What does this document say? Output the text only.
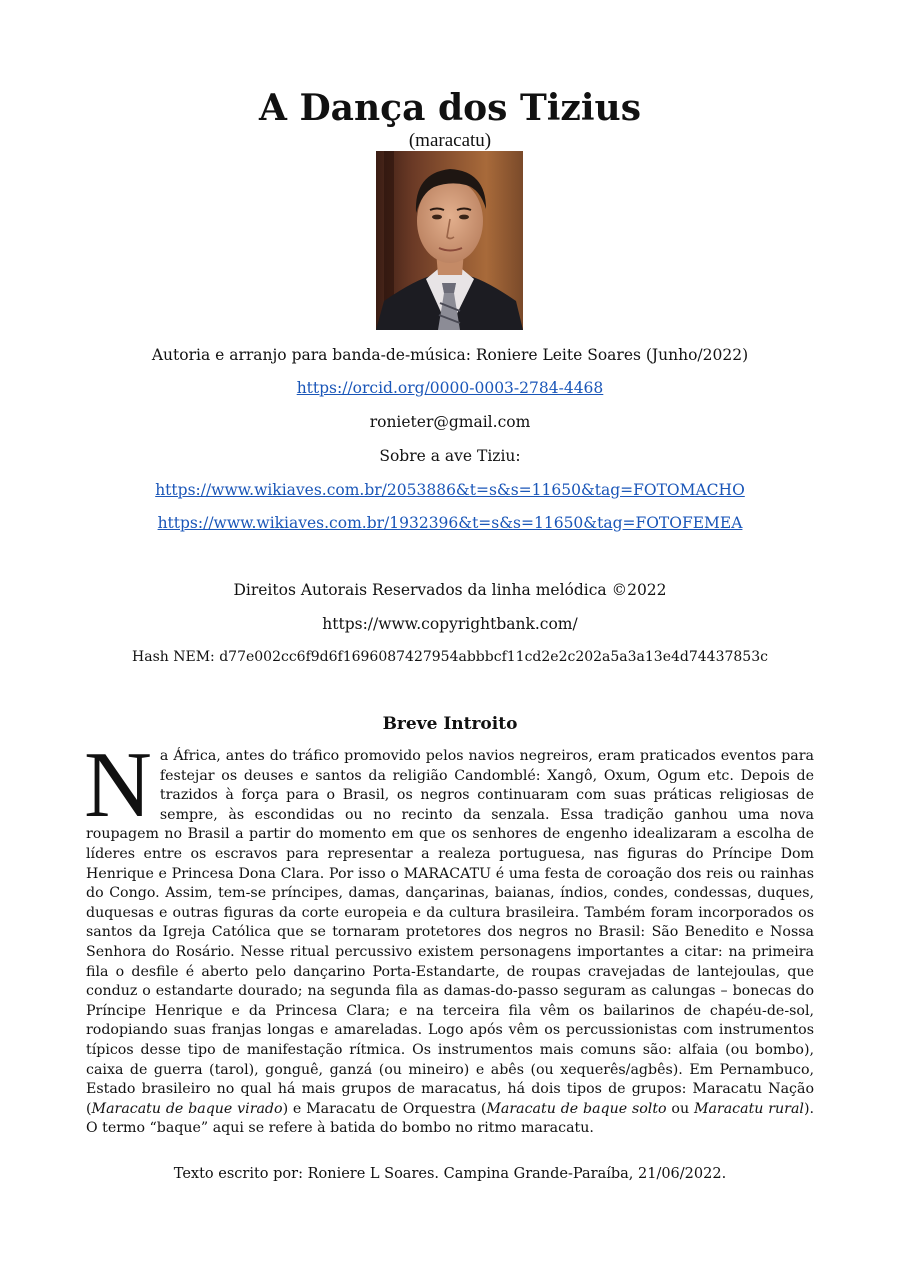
A Dança dos Tizius
(maracatu)
Autoria e arranjo para banda-de-música: Roniere Leite Soares (Junho/2022)
https://orcid.org/0000-0003-2784-4468
ronieter@gmail.com
Sobre a ave Tiziu:
https://www.wikiaves.com.br/2053886&t=s&s=11650&tag=FOTOMACHO
https://www.wikiaves.com.br/1932396&t=s&s=11650&tag=FOTOFEMEA
Direitos Autorais Reservados da linha melódica ©2022
https://www.copyrightbank.com/
Hash NEM: d77e002cc6f9d6f1696087427954abbbcf11cd2e2c202a5a3a13e4d74437853c
Breve Introito
Na África, antes do tráfico promovido pelos navios negreiros, eram praticados eventos para festejar os deuses e santos da religião Candomblé: Xangô, Oxum, Ogum etc. Depois de trazidos à força para o Brasil, os negros continuaram com suas práticas religiosas de sempre, às escondidas ou no recinto da senzala. Essa tradição ganhou uma nova roupagem no Brasil a partir do momento em que os senhores de engenho idealizaram a escolha de líderes entre os escravos para representar a realeza portuguesa, nas figuras do Príncipe Dom Henrique e Princesa Dona Clara. Por isso o MARACATU é uma festa de coroação dos reis ou rainhas do Congo. Assim, tem-se príncipes, damas, dançarinas, baianas, índios, condes, condessas, duques, duquesas e outras figuras da corte europeia e da cultura brasileira. Também foram incorporados os santos da Igreja Católica que se tornaram protetores dos negros no Brasil: São Benedito e Nossa Senhora do Rosário. Nesse ritual percussivo existem personagens importantes a citar: na primeira fila o desfile é aberto pelo dançarino Porta-Estandarte, de roupas cravejadas de lantejoulas, que conduz o estandarte dourado; na segunda fila as damas-do-passo seguram as calungas – bonecas do Príncipe Henrique e da Princesa Clara; e na terceira fila vêm os bailarinos de chapéu-de-sol, rodopiando suas franjas longas e amareladas. Logo após vêm os percussionistas com instrumentos típicos desse tipo de manifestação rítmica. Os instrumentos mais comuns são: alfaia (ou bombo), caixa de guerra (tarol), gonguê, ganzá (ou mineiro) e abês (ou xequerês/agbês). Em Pernambuco, Estado brasileiro no qual há mais grupos de maracatus, há dois tipos de grupos: Maracatu Nação (Maracatu de baque virado) e Maracatu de Orquestra (Maracatu de baque solto ou Maracatu rural). O termo “baque” aqui se refere à batida do bombo no ritmo maracatu.
Texto escrito por: Roniere L Soares. Campina Grande-Paraíba, 21/06/2022.
